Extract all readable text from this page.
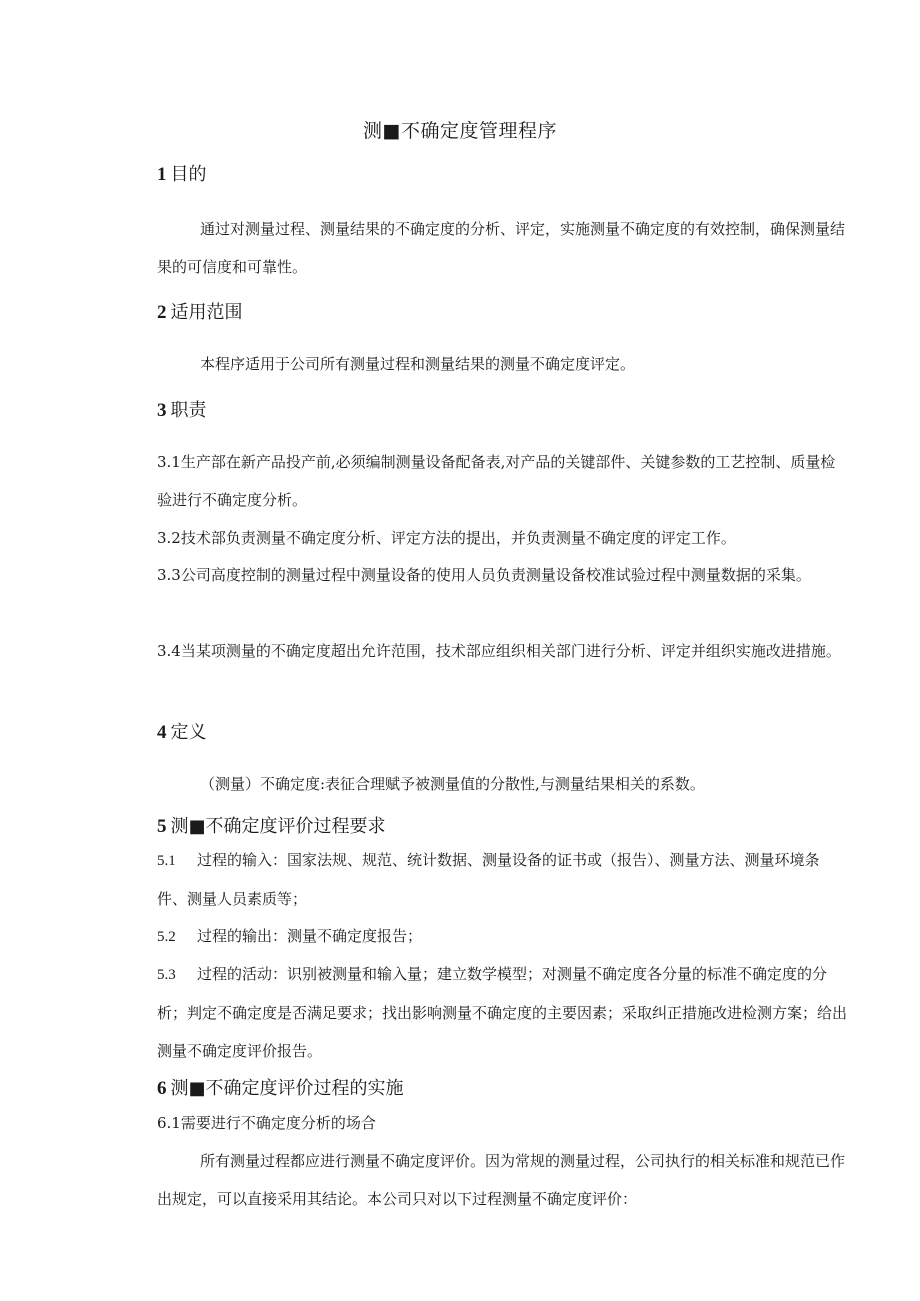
测■不确定度管理程序
1 目的

通过对测量过程、测量结果的不确定度的分析、评定，实施测量不确定度的有效控制，确保测量结果的可信度和可靠性。

2 适用范围

本程序适用于公司所有测量过程和测量结果的测量不确定度评定。

3 职责

3.1生产部在新产品投产前,必须编制测量设备配备表,对产品的关键部件、关键参数的工艺控制、质量检验进行不确定度分析。

3.2技术部负责测量不确定度分析、评定方法的提出，并负责测量不确定度的评定工作。

3.3公司高度控制的测量过程中测量设备的使用人员负责测量设备校准试验过程中测量数据的采集。

3.4当某项测量的不确定度超出允许范围，技术部应组织相关部门进行分析、评定并组织实施改进措施。

4 定义

（测量）不确定度:表征合理赋予被测量值的分散性,与测量结果相关的系数。

5 测■不确定度评价过程要求
5.1 过程的输入：国家法规、规范、统计数据、测量设备的证书或（报告）、测量方法、测量环境条件、测量人员素质等；
5.2 过程的输出：测量不确定度报告；
5.3 过程的活动：识别被测量和输入量；建立数学模型；对测量不确定度各分量的标准不确定度的分析；判定不确定度是否满足要求；找出影响测量不确定度的主要因素；采取纠正措施改进检测方案；给出测量不确定度评价报告。
6 测■不确定度评价过程的实施

6.1需要进行不确定度分析的场合

所有测量过程都应进行测量不确定度评价。因为常规的测量过程，公司执行的相关标准和规范已作出规定，可以直接采用其结论。本公司只对以下过程测量不确定度评价：
